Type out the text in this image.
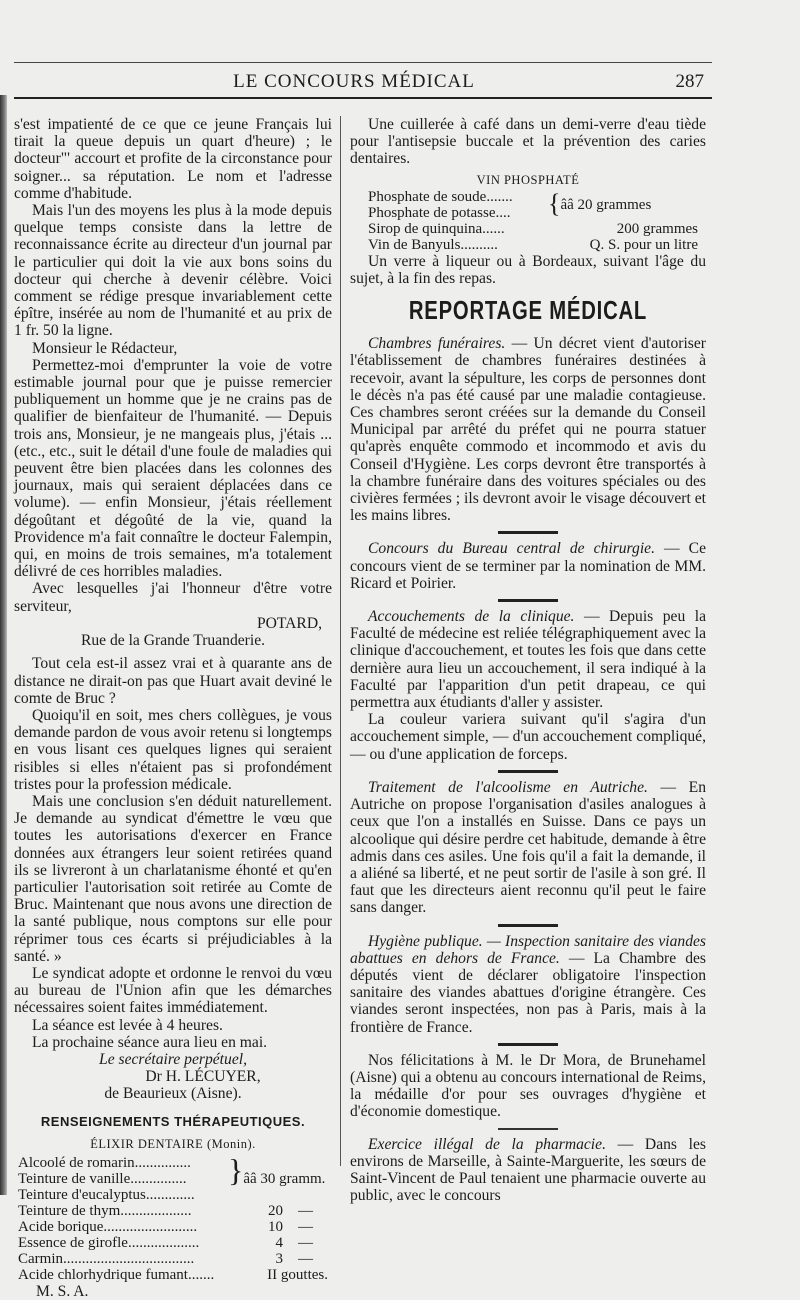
LE CONCOURS MÉDICAL	287

s'est impatienté de ce que ce jeune Français lui tirait la queue depuis un quart d'heure) ; le docteur"' accourt et profite de la circonstance pour soigner... sa réputation. Le nom et l'adresse comme d'habitude.

Mais l'un des moyens les plus à la mode depuis quelque temps consiste dans la lettre de reconnaissance écrite au directeur d'un journal par le particulier qui doit la vie aux bons soins du docteur qui cherche à devenir célèbre. Voici comment se rédige presque invariablement cette épître, insérée au nom de l'humanité et au prix de 1 fr. 50 la ligne.

Monsieur le Rédacteur,

Permettez-moi d'emprunter la voie de votre estimable journal pour que je puisse remercier publiquement un homme que je ne crains pas de qualifier de bienfaiteur de l'humanité. — Depuis trois ans, Monsieur, je ne mangeais plus, j'étais ... (etc., etc., suit le détail d'une foule de maladies qui peuvent être bien placées dans les colonnes des journaux, mais qui seraient déplacées dans ce volume). — enfin Monsieur, j'étais réellement dégoûtant et dégoûté de la vie, quand la Providence m'a fait connaître le docteur Falempin, qui, en moins de trois semaines, m'a totalement délivré de ces horribles maladies.

Avec lesquelles j'ai l'honneur d'être votre serviteur,

POTARD,

Rue de la Grande Truanderie.

Tout cela est-il assez vrai et à quarante ans de distance ne dirait-on pas que Huart avait deviné le comte de Bruc ?

Quoiqu'il en soit, mes chers collègues, je vous demande pardon de vous avoir retenu si longtemps en vous lisant ces quelques lignes qui seraient risibles si elles n'étaient pas si profondément tristes pour la profession médicale.

Mais une conclusion s'en déduit naturellement. Je demande au syndicat d'émettre le vœu que toutes les autorisations d'exercer en France données aux étrangers leur soient retirées quand ils se livreront à un charlatanisme éhonté et qu'en particulier l'autorisation soit retirée au Comte de Bruc. Maintenant que nous avons une direction de la santé publique, nous comptons sur elle pour réprimer tous ces écarts si préjudiciables à la santé. »

Le syndicat adopte et ordonne le renvoi du vœu au bureau de l'Union afin que les démarches nécessaires soient faites immédiatement.

La séance est levée à 4 heures.

La prochaine séance aura lieu en mai.

Le secrétaire perpétuel,

Dr H. LÉCUYER,

de Beaurieux (Aisne).

RENSEIGNEMENTS THÉRAPEUTIQUES.

ÉLIXIR DENTAIRE (Monin).

Alcoolé de romarin...............
Teinture de vanille...............
Teinture d'eucalyptus.............
	}	ââ 30 gramm.
Teinture de thym...................	20	—
Acide borique.........................	10	—
Essence de girofle...................	4	—
Carmin...................................	3	—
Acide chlorhydrique fumant.......	II gouttes.	

M. S. A.

Une cuillerée à café dans un demi-verre d'eau tiède pour l'antisepsie buccale et la prévention des caries dentaires.

VIN PHOSPHATÉ

Phosphate de soude.......
Phosphate de potasse....	{	ââ 20 grammes
Sirop de quinquina......		200 grammes
Vin de Banyuls..........		Q. S. pour un litre

Un verre à liqueur ou à Bordeaux, suivant l'âge du sujet, à la fin des repas.

REPORTAGE MÉDICAL

Chambres funéraires. — Un décret vient d'autoriser l'établissement de chambres funéraires destinées à recevoir, avant la sépulture, les corps de personnes dont le décès n'a pas été causé par une maladie contagieuse. Ces chambres seront créées sur la demande du Conseil Municipal par arrêté du préfet qui ne pourra statuer qu'après enquête commodo et incommodo et avis du Conseil d'Hygiène. Les corps devront être transportés à la chambre funéraire dans des voitures spéciales ou des civières fermées ; ils devront avoir le visage découvert et les mains libres.

Concours du Bureau central de chirurgie. — Ce concours vient de se terminer par la nomination de MM. Ricard et Poirier.

Accouchements de la clinique. — Depuis peu la Faculté de médecine est reliée télégraphiquement avec la clinique d'accouchement, et toutes les fois que dans cette dernière aura lieu un accouchement, il sera indiqué à la Faculté par l'apparition d'un petit drapeau, ce qui permettra aux étudiants d'aller y assister.

La couleur variera suivant qu'il s'agira d'un accouchement simple, — d'un accouchement compliqué, — ou d'une application de forceps.

Traitement de l'alcoolisme en Autriche. — En Autriche on propose l'organisation d'asiles analogues à ceux que l'on a installés en Suisse. Dans ce pays un alcoolique qui désire perdre cet habitude, demande à être admis dans ces asiles. Une fois qu'il a fait la demande, il a aliéné sa liberté, et ne peut sortir de l'asile à son gré. Il faut que les directeurs aient reconnu qu'il peut le faire sans danger.

Hygiène publique. — Inspection sanitaire des viandes abattues en dehors de France. — La Chambre des députés vient de déclarer obligatoire l'inspection sanitaire des viandes abattues d'origine étrangère. Ces viandes seront inspectées, non pas à Paris, mais à la frontière de France.

Nos félicitations à M. le Dr Mora, de Brunehamel (Aisne) qui a obtenu au concours international de Reims, la médaille d'or pour ses ouvrages d'hygiène et d'économie domestique.

Exercice illégal de la pharmacie. — Dans les environs de Marseille, à Sainte-Marguerite, les sœurs de Saint-Vincent de Paul tenaient une pharmacie ouverte au public, avec le concours
